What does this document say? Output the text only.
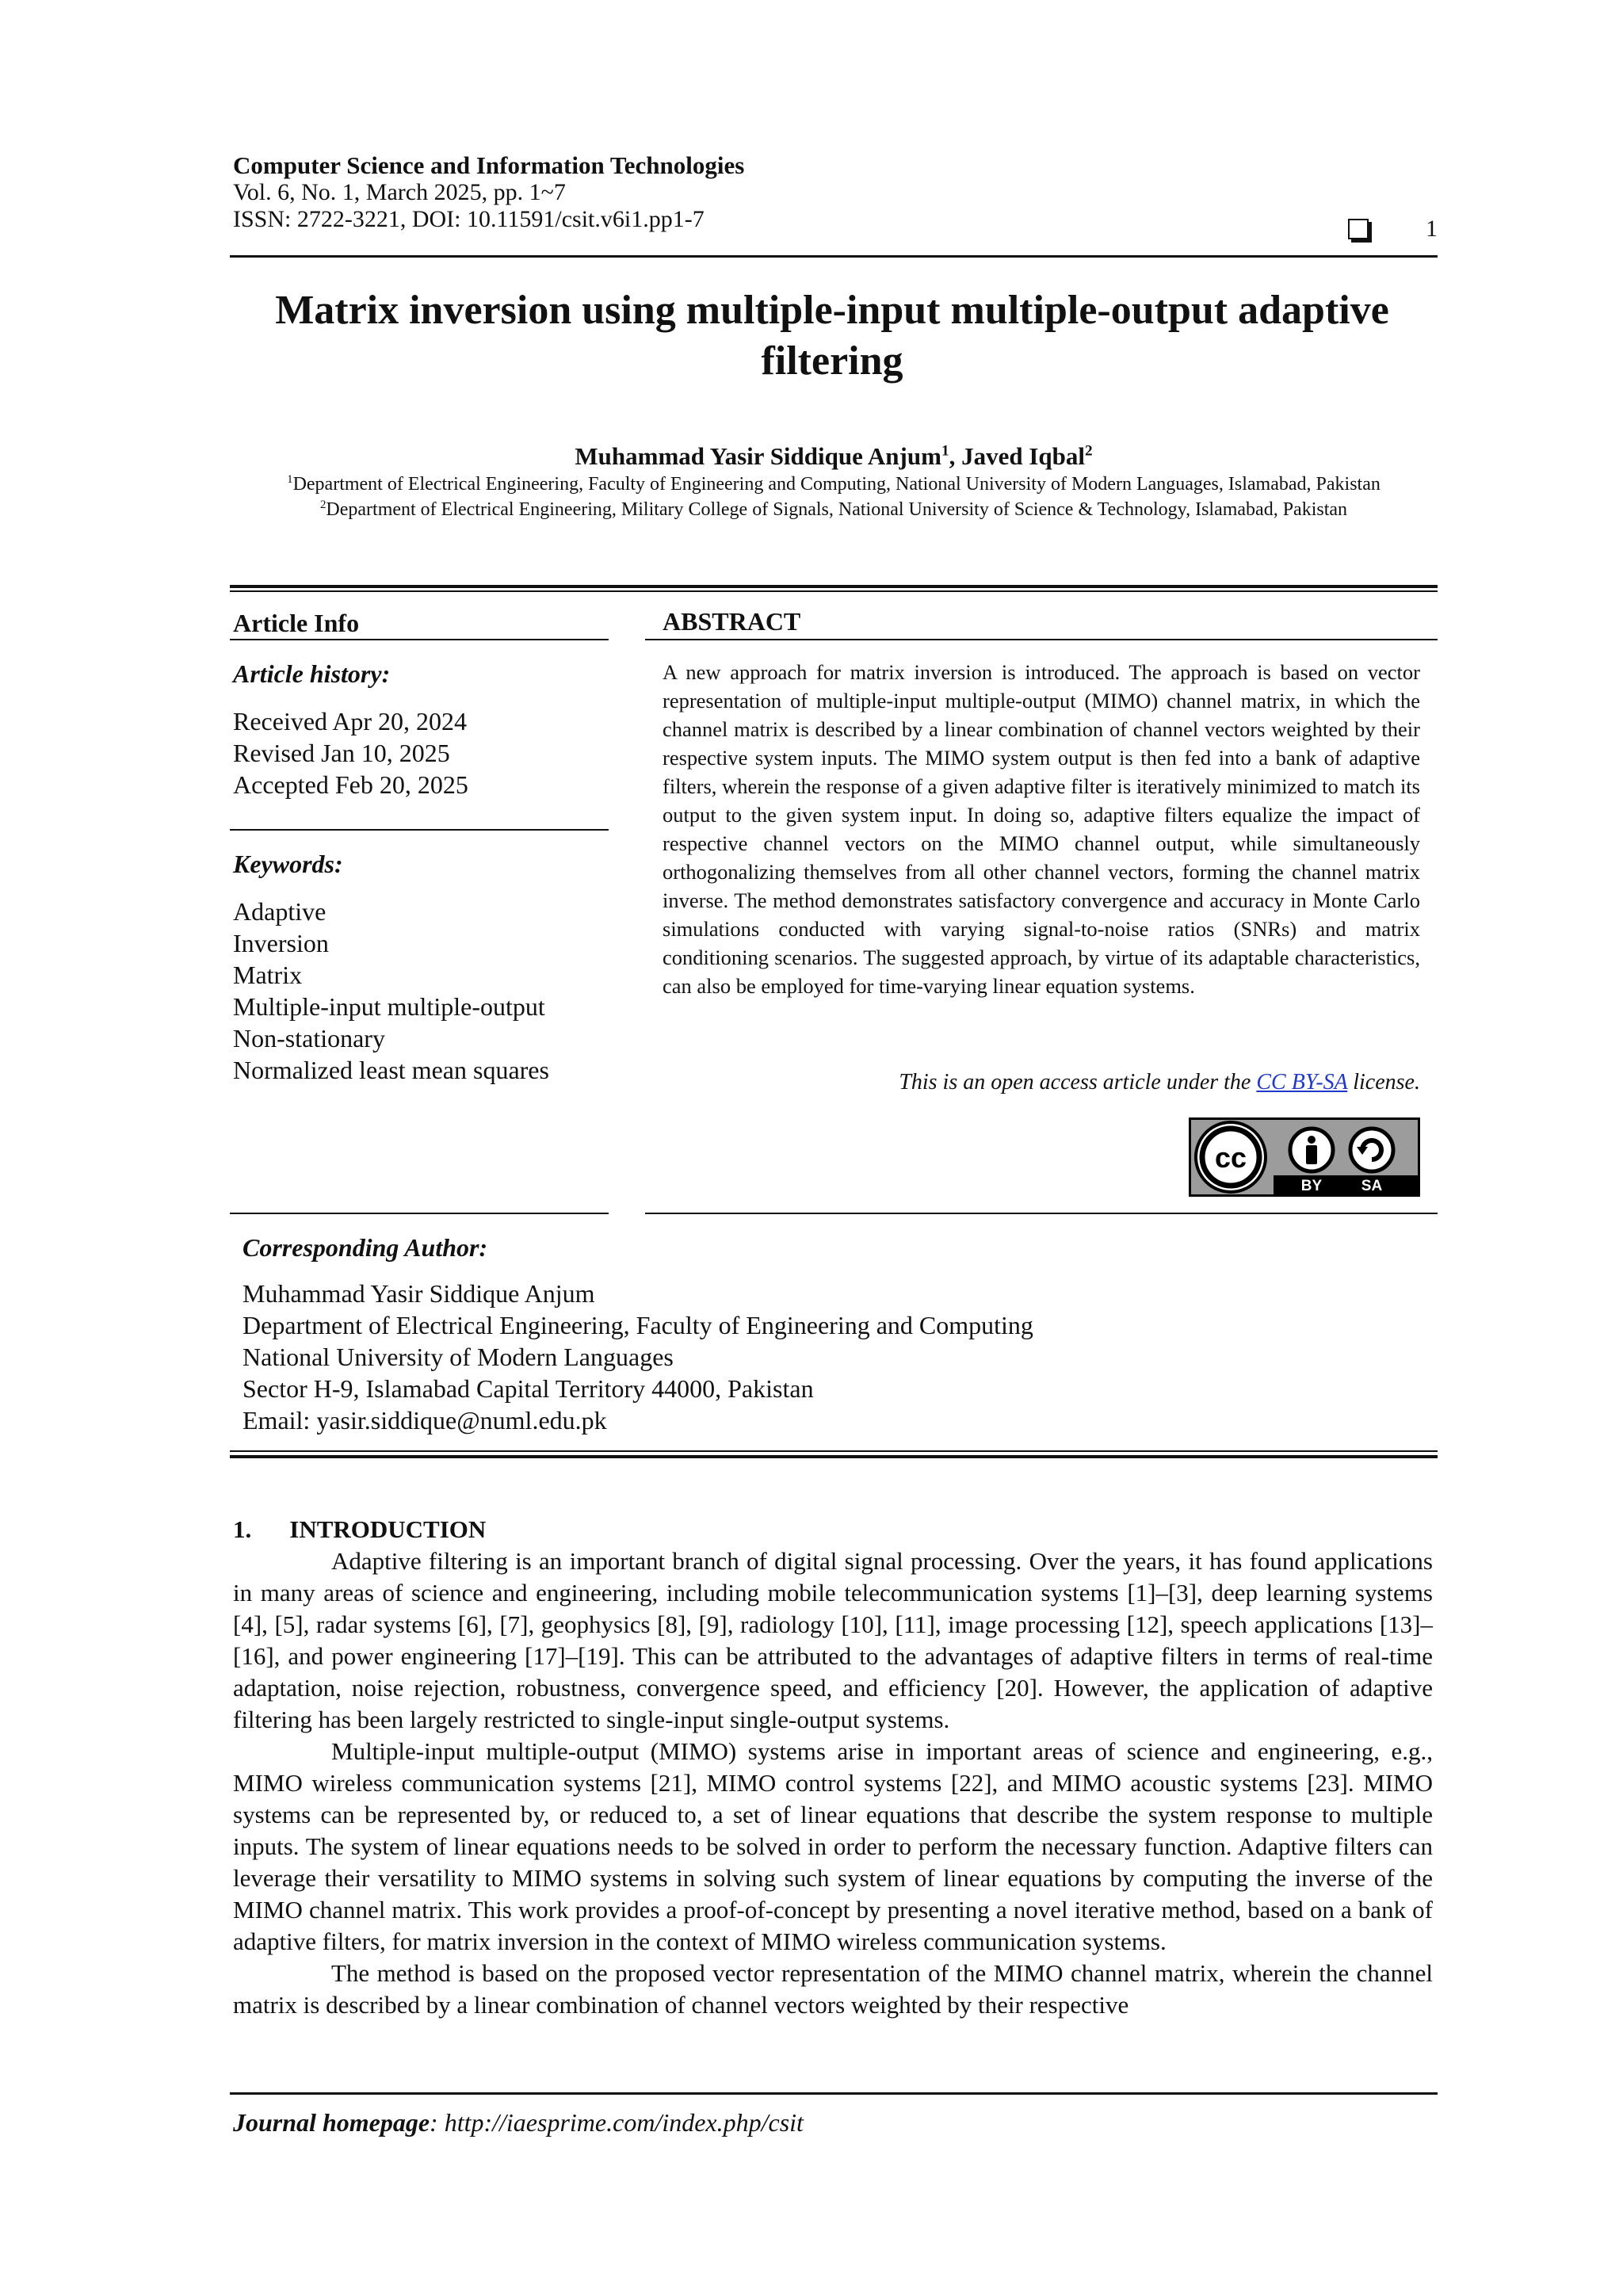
Computer Science and Information Technologies
Vol. 6, No. 1, March 2025, pp. 1~7
ISSN: 2722-3221, DOI: 10.11591/csit.v6i1.pp1-7	1
Matrix inversion using multiple-input multiple-output adaptive
filtering
Muhammad Yasir Siddique Anjum$^1$, Javed Iqbal$^2$
$^1$Department of Electrical Engineering, Faculty of Engineering and Computing, National University of Modern Languages, Islamabad, Pakistan
$^2$Department of Electrical Engineering, Military College of Signals, National University of Science & Technology, Islamabad, Pakistan
Article Info
Article history:
Received Apr 20, 2024
Revised Jan 10, 2025
Accepted Feb 20, 2025
Keywords:
Adaptive
Inversion
Matrix
Multiple-input multiple-output
Non-stationary
Normalized least mean squares
ABSTRACT
A new approach for matrix inversion is introduced. The approach is based on vector representation of multiple-input multiple-output (MIMO) channel matrix, in which the channel matrix is described by a linear combination of channel vectors weighted by their respective system inputs. The MIMO system output is then fed into a bank of adaptive filters, wherein the response of a given adaptive filter is iteratively minimized to match its output to the given system input. In doing so, adaptive filters equalize the impact of respective channel vectors on the MIMO channel output, while simultaneously orthogonalizing themselves from all other channel vectors, forming the channel matrix inverse. The method demonstrates satisfactory convergence and accuracy in Monte Carlo simulations conducted with varying signal-to-noise ratios (SNRs) and matrix conditioning scenarios. The suggested approach, by virtue of its adaptable characteristics, can also be employed for time-varying linear equation systems.
This is an open access article under the CC BY-SA license.
cc
BY	SA
Corresponding Author:
Muhammad Yasir Siddique Anjum
Department of Electrical Engineering, Faculty of Engineering and Computing
National University of Modern Languages
Sector H-9, Islamabad Capital Territory 44000, Pakistan
Email: yasir.siddique@numl.edu.pk
1. INTRODUCTION

Adaptive filtering is an important branch of digital signal processing. Over the years, it has found applications in many areas of science and engineering, including mobile telecommunication systems [1]–[3], deep learning systems [4], [5], radar systems [6], [7], geophysics [8], [9], radiology [10], [11], image processing [12], speech applications [13]–[16], and power engineering [17]–[19]. This can be attributed to the advantages of adaptive filters in terms of real-time adaptation, noise rejection, robustness, convergence speed, and efficiency [20]. However, the application of adaptive filtering has been largely restricted to single-input single-output systems.

Multiple-input multiple-output (MIMO) systems arise in important areas of science and engineering, e.g., MIMO wireless communication systems [21], MIMO control systems [22], and MIMO acoustic systems [23]. MIMO systems can be represented by, or reduced to, a set of linear equations that describe the system response to multiple inputs. The system of linear equations needs to be solved in order to perform the necessary function. Adaptive filters can leverage their versatility to MIMO systems in solving such system of linear equations by computing the inverse of the MIMO channel matrix. This work provides a proof-of-concept by presenting a novel iterative method, based on a bank of adaptive filters, for matrix inversion in the context of MIMO wireless communication systems.

The method is based on the proposed vector representation of the MIMO channel matrix, wherein the channel matrix is described by a linear combination of channel vectors weighted by their respective

Journal homepage: http://iaesprime.com/index.php/csit
